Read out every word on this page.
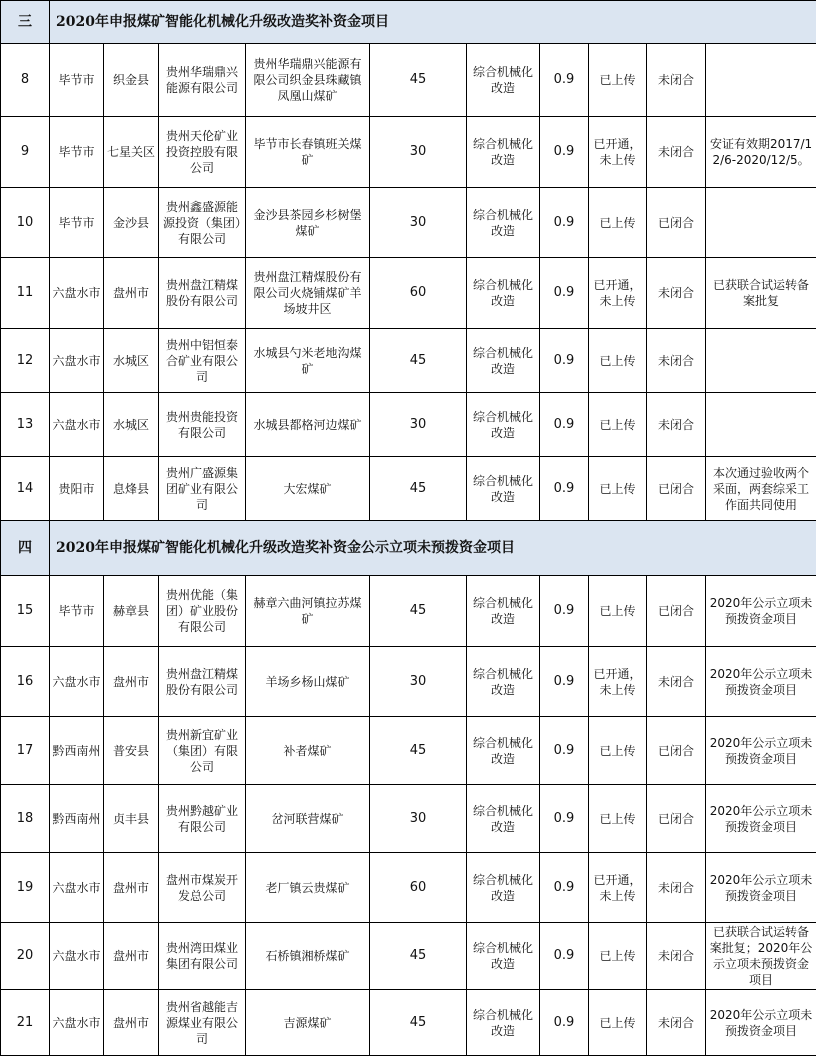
三	2020年申报煤矿智能化机械化升级改造奖补资金项目									
8	毕节市	织金县	贵州华瑞鼎兴能源有限公司	贵州华瑞鼎兴能源有限公司织金县珠藏镇凤凰山煤矿	45	综合机械化改造	0.9	已上传	未闭合	
9	毕节市	七星关区	贵州天伦矿业投资控股有限公司	毕节市长春镇班关煤矿	30	综合机械化改造	0.9	已开通，未上传	未闭合	安证有效期2017/12/6-2020/12/5。
10	毕节市	金沙县	贵州鑫盛源能源投资（集团）有限公司	金沙县茶园乡杉树堡煤矿	30	综合机械化改造	0.9	已上传	已闭合	
11	六盘水市	盘州市	贵州盘江精煤股份有限公司	贵州盘江精煤股份有限公司火烧铺煤矿羊场坡井区	60	综合机械化改造	0.9	已开通，未上传	未闭合	已获联合试运转备案批复
12	六盘水市	水城区	贵州中铝恒泰合矿业有限公司	水城县勺米老地沟煤矿	45	综合机械化改造	0.9	已上传	未闭合	
13	六盘水市	水城区	贵州贵能投资有限公司	水城县都格河边煤矿	30	综合机械化改造	0.9	已上传	未闭合	
14	贵阳市	息烽县	贵州广盛源集团矿业有限公司	大宏煤矿	45	综合机械化改造	0.9	已上传	已闭合	本次通过验收两个采面，两套综采工作面共同使用
四	2020年申报煤矿智能化机械化升级改造奖补资金公示立项未预拨资金项目									
15	毕节市	赫章县	贵州优能（集团）矿业股份有限公司	赫章六曲河镇拉苏煤矿	45	综合机械化改造	0.9	已上传	已闭合	2020年公示立项未预拨资金项目
16	六盘水市	盘州市	贵州盘江精煤股份有限公司	羊场乡杨山煤矿	30	综合机械化改造	0.9	已开通，未上传	未闭合	2020年公示立项未预拨资金项目
17	黔西南州	普安县	贵州新宜矿业（集团）有限公司	补者煤矿	45	综合机械化改造	0.9	已上传	已闭合	2020年公示立项未预拨资金项目
18	黔西南州	贞丰县	贵州黔越矿业有限公司	岔河联营煤矿	30	综合机械化改造	0.9	已上传	已闭合	2020年公示立项未预拨资金项目
19	六盘水市	盘州市	盘州市煤炭开发总公司	老厂镇云贵煤矿	60	综合机械化改造	0.9	已开通，未上传	未闭合	2020年公示立项未预拨资金项目
20	六盘水市	盘州市	贵州湾田煤业集团有限公司	石桥镇湘桥煤矿	45	综合机械化改造	0.9	已上传	未闭合	已获联合试运转备案批复；2020年公示立项未预拨资金项目
21	六盘水市	盘州市	贵州省越能吉源煤业有限公司	吉源煤矿	45	综合机械化改造	0.9	已上传	未闭合	2020年公示立项未预拨资金项目
